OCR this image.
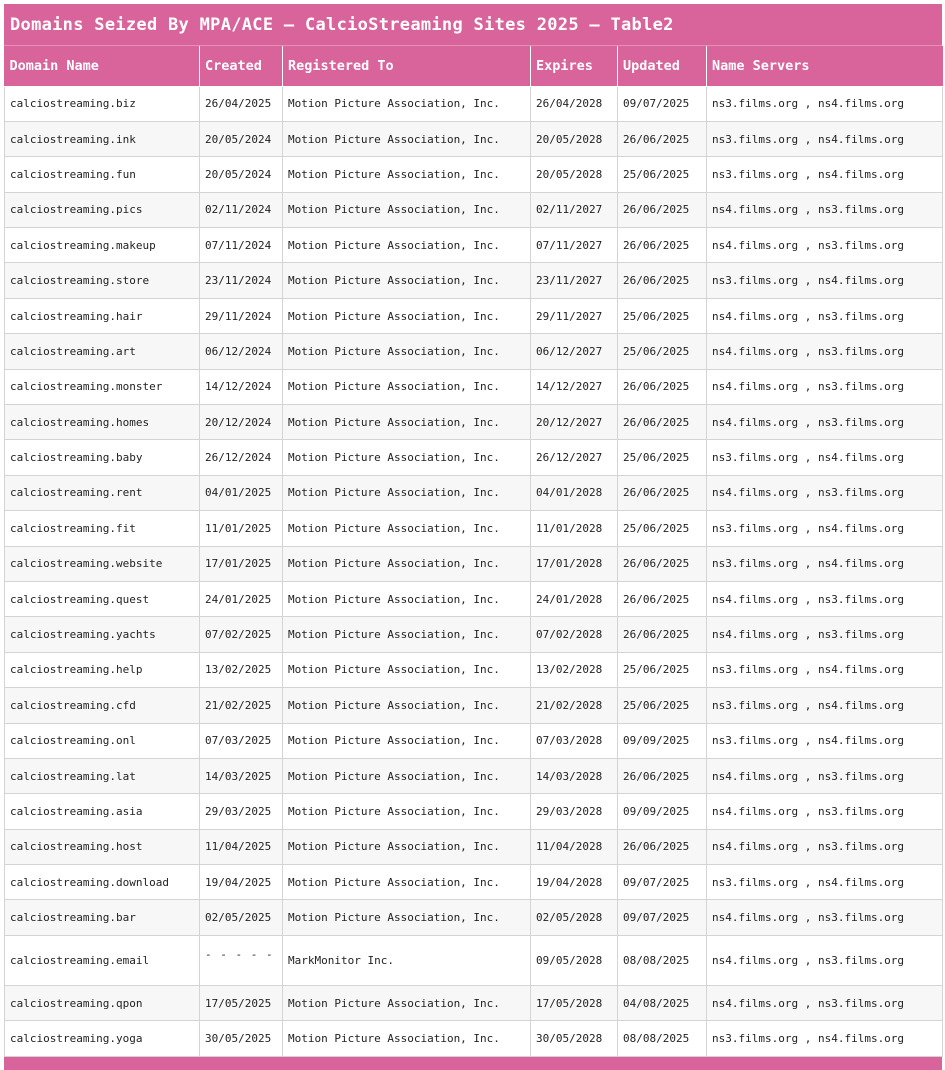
Domains Seized By MPA/ACE – CalcioStreaming Sites 2025 – Table2
Domain Name	Created	Registered To	Expires	Updated	Name Servers
calciostreaming.biz	26/04/2025	Motion Picture Association, Inc.	26/04/2028	09/07/2025	ns3.films.org , ns4.films.org
calciostreaming.ink	20/05/2024	Motion Picture Association, Inc.	20/05/2028	26/06/2025	ns3.films.org , ns4.films.org
calciostreaming.fun	20/05/2024	Motion Picture Association, Inc.	20/05/2028	25/06/2025	ns3.films.org , ns4.films.org
calciostreaming.pics	02/11/2024	Motion Picture Association, Inc.	02/11/2027	26/06/2025	ns4.films.org , ns3.films.org
calciostreaming.makeup	07/11/2024	Motion Picture Association, Inc.	07/11/2027	26/06/2025	ns4.films.org , ns3.films.org
calciostreaming.store	23/11/2024	Motion Picture Association, Inc.	23/11/2027	26/06/2025	ns3.films.org , ns4.films.org
calciostreaming.hair	29/11/2024	Motion Picture Association, Inc.	29/11/2027	25/06/2025	ns4.films.org , ns3.films.org
calciostreaming.art	06/12/2024	Motion Picture Association, Inc.	06/12/2027	25/06/2025	ns4.films.org , ns3.films.org
calciostreaming.monster	14/12/2024	Motion Picture Association, Inc.	14/12/2027	26/06/2025	ns4.films.org , ns3.films.org
calciostreaming.homes	20/12/2024	Motion Picture Association, Inc.	20/12/2027	26/06/2025	ns4.films.org , ns3.films.org
calciostreaming.baby	26/12/2024	Motion Picture Association, Inc.	26/12/2027	25/06/2025	ns3.films.org , ns4.films.org
calciostreaming.rent	04/01/2025	Motion Picture Association, Inc.	04/01/2028	26/06/2025	ns4.films.org , ns3.films.org
calciostreaming.fit	11/01/2025	Motion Picture Association, Inc.	11/01/2028	25/06/2025	ns3.films.org , ns4.films.org
calciostreaming.website	17/01/2025	Motion Picture Association, Inc.	17/01/2028	26/06/2025	ns3.films.org , ns4.films.org
calciostreaming.quest	24/01/2025	Motion Picture Association, Inc.	24/01/2028	26/06/2025	ns4.films.org , ns3.films.org
calciostreaming.yachts	07/02/2025	Motion Picture Association, Inc.	07/02/2028	26/06/2025	ns4.films.org , ns3.films.org
calciostreaming.help	13/02/2025	Motion Picture Association, Inc.	13/02/2028	25/06/2025	ns3.films.org , ns4.films.org
calciostreaming.cfd	21/02/2025	Motion Picture Association, Inc.	21/02/2028	25/06/2025	ns3.films.org , ns4.films.org
calciostreaming.onl	07/03/2025	Motion Picture Association, Inc.	07/03/2028	09/09/2025	ns3.films.org , ns4.films.org
calciostreaming.lat	14/03/2025	Motion Picture Association, Inc.	14/03/2028	26/06/2025	ns4.films.org , ns3.films.org
calciostreaming.asia	29/03/2025	Motion Picture Association, Inc.	29/03/2028	09/09/2025	ns4.films.org , ns3.films.org
calciostreaming.host	11/04/2025	Motion Picture Association, Inc.	11/04/2028	26/06/2025	ns4.films.org , ns3.films.org
calciostreaming.download	19/04/2025	Motion Picture Association, Inc.	19/04/2028	09/07/2025	ns3.films.org , ns4.films.org
calciostreaming.bar	02/05/2025	Motion Picture Association, Inc.	02/05/2028	09/07/2025	ns4.films.org , ns3.films.org
calciostreaming.email	- - - - -	MarkMonitor Inc.	09/05/2028	08/08/2025	ns4.films.org , ns3.films.org
calciostreaming.qpon	17/05/2025	Motion Picture Association, Inc.	17/05/2028	04/08/2025	ns4.films.org , ns3.films.org
calciostreaming.yoga	30/05/2025	Motion Picture Association, Inc.	30/05/2028	08/08/2025	ns3.films.org , ns4.films.org
